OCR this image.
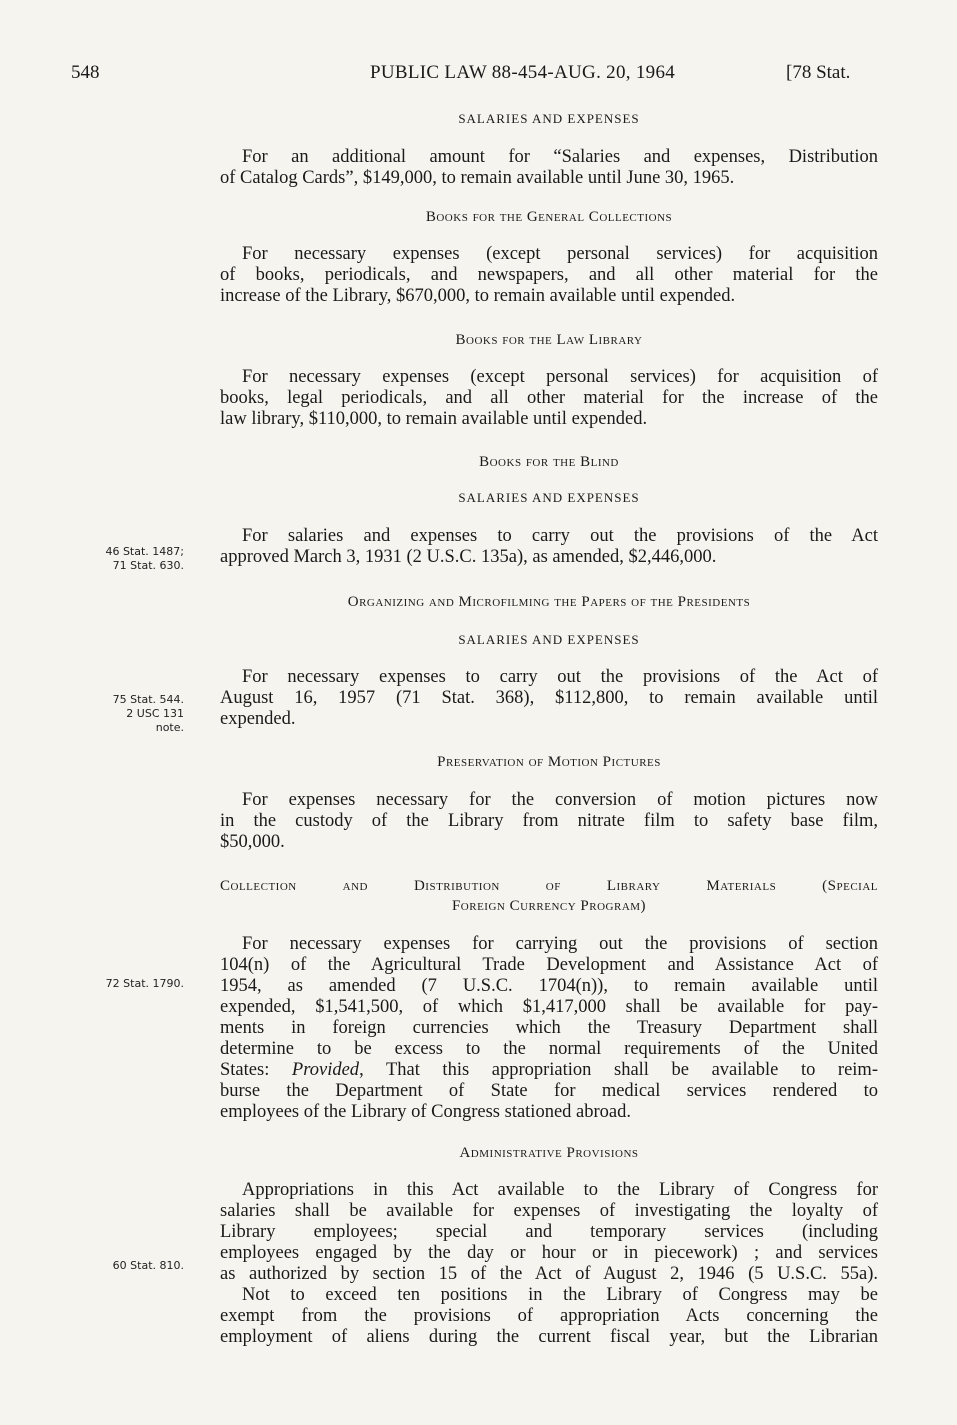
548	PUBLIC LAW 88-454-AUG. 20, 1964	[78 Stat.
SALARIES AND EXPENSES

For an additional amount for “Salaries and expenses, Distribution
of Catalog Cards”, $149,000, to remain available until June 30, 1965.

Books for the General Collections

For necessary expenses (except personal services) for acquisition
of books, periodicals, and newspapers, and all other material for the
increase of the Library, $670,000, to remain available until expended.

Books for the Law Library

For necessary expenses (except personal services) for acquisition of
books, legal periodicals, and all other material for the increase of the
law library, $110,000, to remain available until expended.

Books for the Blind
SALARIES AND EXPENSES

For salaries and expenses to carry out the provisions of the Act
approved March 3, 1931 (2 U.S.C. 135a), as amended, $2,446,000.

46 Stat. 1487;
71 Stat. 630.
Organizing and Microfilming the Papers of the Presidents
SALARIES AND EXPENSES

For necessary expenses to carry out the provisions of the Act of
August 16, 1957 (71 Stat. 368), $112,800, to remain available until
expended.

75 Stat. 544.
2 USC 131
note.
Preservation of Motion Pictures

For expenses necessary for the conversion of motion pictures now
in the custody of the Library from nitrate film to safety base film,
$50,000.

Collection and Distribution of Library Materials (Special
Foreign Currency Program)

For necessary expenses for carrying out the provisions of section
104(n) of the Agricultural Trade Development and Assistance Act of
1954, as amended (7 U.S.C. 1704(n)), to remain available until
expended, $1,541,500, of which $1,417,000 shall be available for pay-
ments in foreign currencies which the Treasury Department shall
determine to be excess to the normal requirements of the United
States: Provided, That this appropriation shall be available to reim-
burse the Department of State for medical services rendered to
employees of the Library of Congress stationed abroad.

72 Stat. 1790.
Administrative Provisions

Appropriations in this Act available to the Library of Congress for
salaries shall be available for expenses of investigating the loyalty of
Library employees; special and temporary services (including
employees engaged by the day or hour or in piecework) ; and services
as authorized by section 15 of the Act of August 2, 1946 (5 U.S.C. 55a).
Not to exceed ten positions in the Library of Congress may be
exempt from the provisions of appropriation Acts concerning the
employment of aliens during the current fiscal year, but the Librarian

60 Stat. 810.
